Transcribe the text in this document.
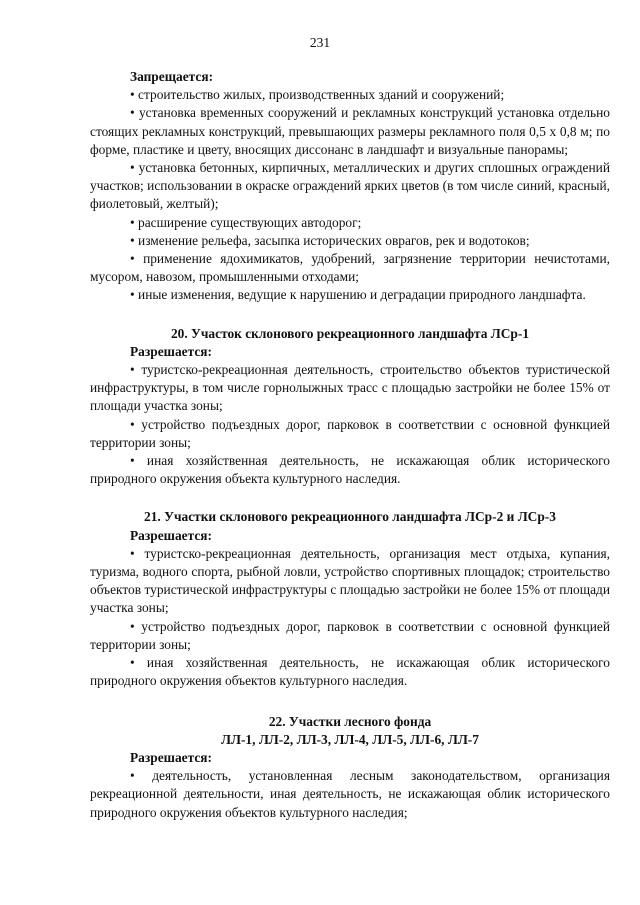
231

Запрещается:

• строительство жилых, производственных зданий и сооружений;

• установка временных сооружений и рекламных конструкций установка отдельно стоящих рекламных конструкций, превышающих размеры рекламного поля 0,5 х 0,8 м; по форме, пластике и цвету, вносящих диссонанс в ландшафт и визуальные панорамы;

• установка бетонных, кирпичных, металлических и других сплошных ограждений участков; использовании в окраске ограждений ярких цветов (в том числе синий, красный, фиолетовый, желтый);

• расширение существующих автодорог;

• изменение рельефа, засыпка исторических оврагов, рек и водотоков;

• применение ядохимикатов, удобрений, загрязнение территории нечистотами, мусором, навозом, промышленными отходами;

• иные изменения, ведущие к нарушению и деградации природного ландшафта.

20. Участок склонового рекреационного ландшафта ЛСр-1

Разрешается:

• туристско-рекреационная деятельность, строительство объектов туристической инфраструктуры, в том числе горнолыжных трасс с площадью застройки не более 15% от площади участка зоны;

• устройство подъездных дорог, парковок в соответствии с основной функцией территории зоны;

• иная хозяйственная деятельность, не искажающая облик исторического природного окружения объекта культурного наследия.

21. Участки склонового рекреационного ландшафта ЛСр-2 и ЛСр-3

Разрешается:

• туристско-рекреационная деятельность, организация мест отдыха, купания, туризма, водного спорта, рыбной ловли, устройство спортивных площадок; строительство объектов туристической инфраструктуры с площадью застройки не более 15% от площади участка зоны;

• устройство подъездных дорог, парковок в соответствии с основной функцией территории зоны;

• иная хозяйственная деятельность, не искажающая облик исторического природного окружения объектов культурного наследия.

22. Участки лесного фонда

ЛЛ-1, ЛЛ-2, ЛЛ-3, ЛЛ-4, ЛЛ-5, ЛЛ-6, ЛЛ-7

Разрешается:

• деятельность, установленная лесным законодательством, организация рекреационной деятельности, иная деятельность, не искажающая облик исторического природного окружения объектов культурного наследия;
